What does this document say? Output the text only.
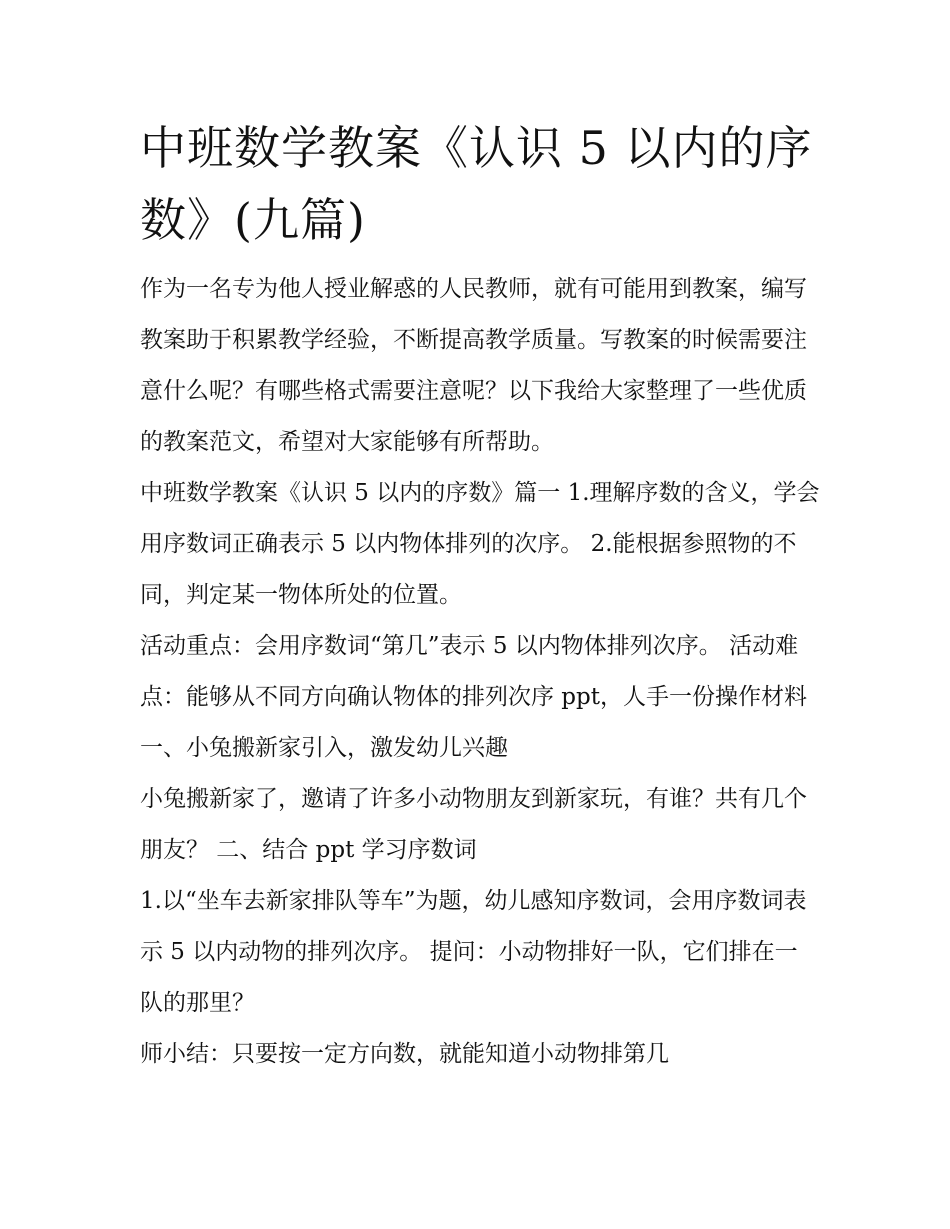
中班数学教案《认识 5 以内的序数》(九篇)

作为一名专为他人授业解惑的人民教师，就有可能用到教案，编写教案助于积累教学经验，不断提高教学质量。写教案的时候需要注意什么呢？有哪些格式需要注意呢？以下我给大家整理了一些优质的教案范文，希望对大家能够有所帮助。

中班数学教案《认识 5 以内的序数》篇一 1.理解序数的含义，学会用序数词正确表示 5 以内物体排列的次序。 2.能根据参照物的不同，判定某一物体所处的位置。

活动重点：会用序数词“第几”表示 5 以内物体排列次序。 活动难点：能够从不同方向确认物体的排列次序 ppt，人手一份操作材料 一、小兔搬新家引入，激发幼儿兴趣

小兔搬新家了，邀请了许多小动物朋友到新家玩，有谁？共有几个朋友？ 二、结合 ppt 学习序数词

1.以“坐车去新家排队等车”为题，幼儿感知序数词，会用序数词表示 5 以内动物的排列次序。 提问：小动物排好一队，它们排在一队的那里？

师小结：只要按一定方向数，就能知道小动物排第几
